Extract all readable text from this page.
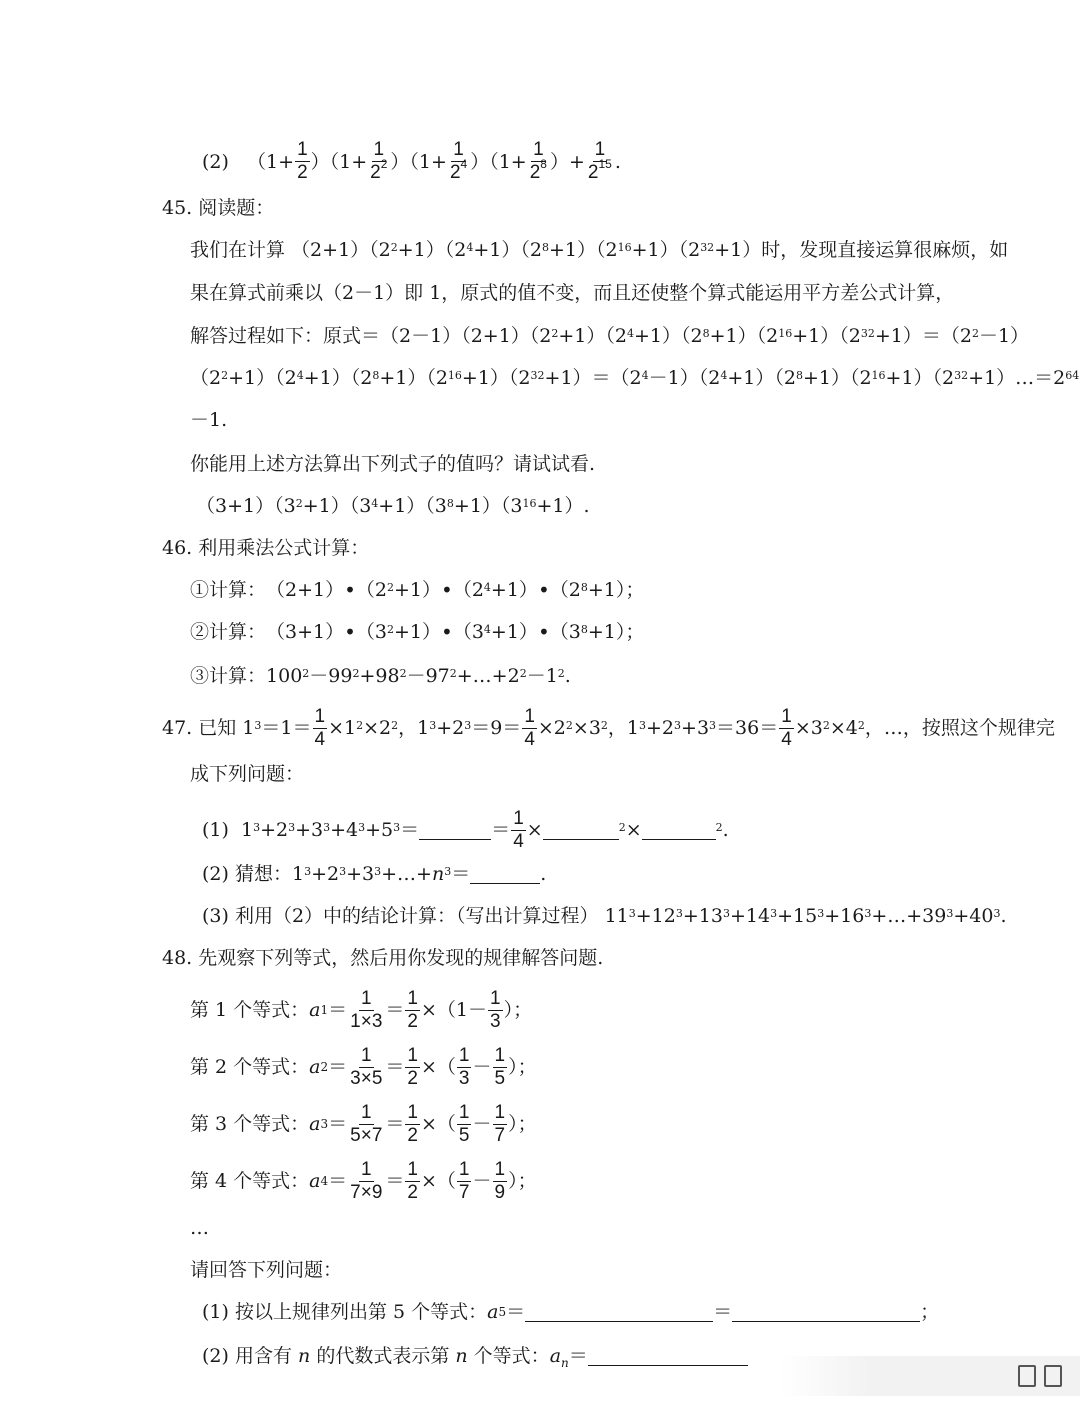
(2) $(1+ \frac{1}{2} )(1+ \frac{1}{2^2} )(1+ \frac{1}{2^4} )(1+ \frac{1}{2^8}$ ）+ $\frac{1}{2^{15}}$ .
45. 阅读题：
我们在计算 $(2+1)(2^2 +1)(2^4 +1)(2^8 +1)(2^{16} +1)(2^{32} +1)$ 时，发现直接运算很麻烦，如
果在算式前乘以（2－1）即 1，原式的值不变，而且还使整个算式能运用平方差公式计算，
解答过程如下：原式＝ $(2-1)(2+1)(2^2 +1)(2^4 +1)(2^8 +1)(2^{16} +1)(2^{32} +1)=(2^2 -1)$
$(2^2 +1)(2^4 +1)(2^8 +1)(2^{16} +1)(2^{32} +1)=(2^4 -1)(2^4 +1)(2^8 +1)(2^{16} +1)(2^{32}$ $+1)\dots=2^{64}$
－1.
你能用上述方法算出下列式子的值吗？请试试看.
$(3+1)(3^2 +1)(3^4 +1)(3^8 +1)(3^{16} +1)$.
46. 利用乘法公式计算：
①计算： （2+1） • $(2^2 +1)$ • $(2^4 +1)$ • $(2^8 +1)$；
②计算： （3+1） • $(3^2 +1)$ • $(3^4 +1)$ • $(3^8 +1)$；
③计算： $100^2 -99^2 +98^2 -97^2$ $+\dots+2^2 -1^2$ .
47. 已知 $1^3 =1= \frac{1}{4} \times 1^2 \times 2^2$ ，$1^3 +2^3 =9= \frac{1}{4} \times 2^2 \times 3^2$ ，$1^3 +2^3 +3^3 =36= \frac{1}{4} \times 3^2 \times 4^2$ ，…，按照这个规律完
成下列问题：
(1) $1^3 +2^3 +3^3 +4^3 +5^3$ ＝	＝ $\frac{1}{4}$ ×	$^2$ ×	$^2$ .
(2) 猜想： $1^3 +2^3 +3^3$ +…+ $n^3$ ＝	.
(3) 利用（2）中的结论计算：（写出计算过程） $11^3 +12^3 +13^3 +14^3 +15^3 +16^3$ $+\dots+39^3 +40^3$ .
48. 先观察下列等式，然后用你发现的规律解答问题.
第 1 个等式： a $1 = \frac{1}{1\times 3} = \frac{1}{2} \times(1- \frac{1}{3}$ ）；
第 2 个等式： a $2 = \frac{1}{3\times 5} = \frac{1}{2}$ ×（ $\frac{1}{3} - \frac{1}{5}$ ）；
第 3 个等式： a $3 = \frac{1}{5\times 7} = \frac{1}{2}$ ×（ $\frac{1}{5} - \frac{1}{7}$ ）；
第 4 个等式： a $4 = \frac{1}{7\times 9} = \frac{1}{2}$ ×（ $\frac{1}{7} - \frac{1}{9}$ ）；
…
请回答下列问题：
(1) 按以上规律列出第 5 个等式： a 5 ＝	＝	；
(2) 用含有
n
的代数式表示第
n
个等式： $a_n$ ＝
